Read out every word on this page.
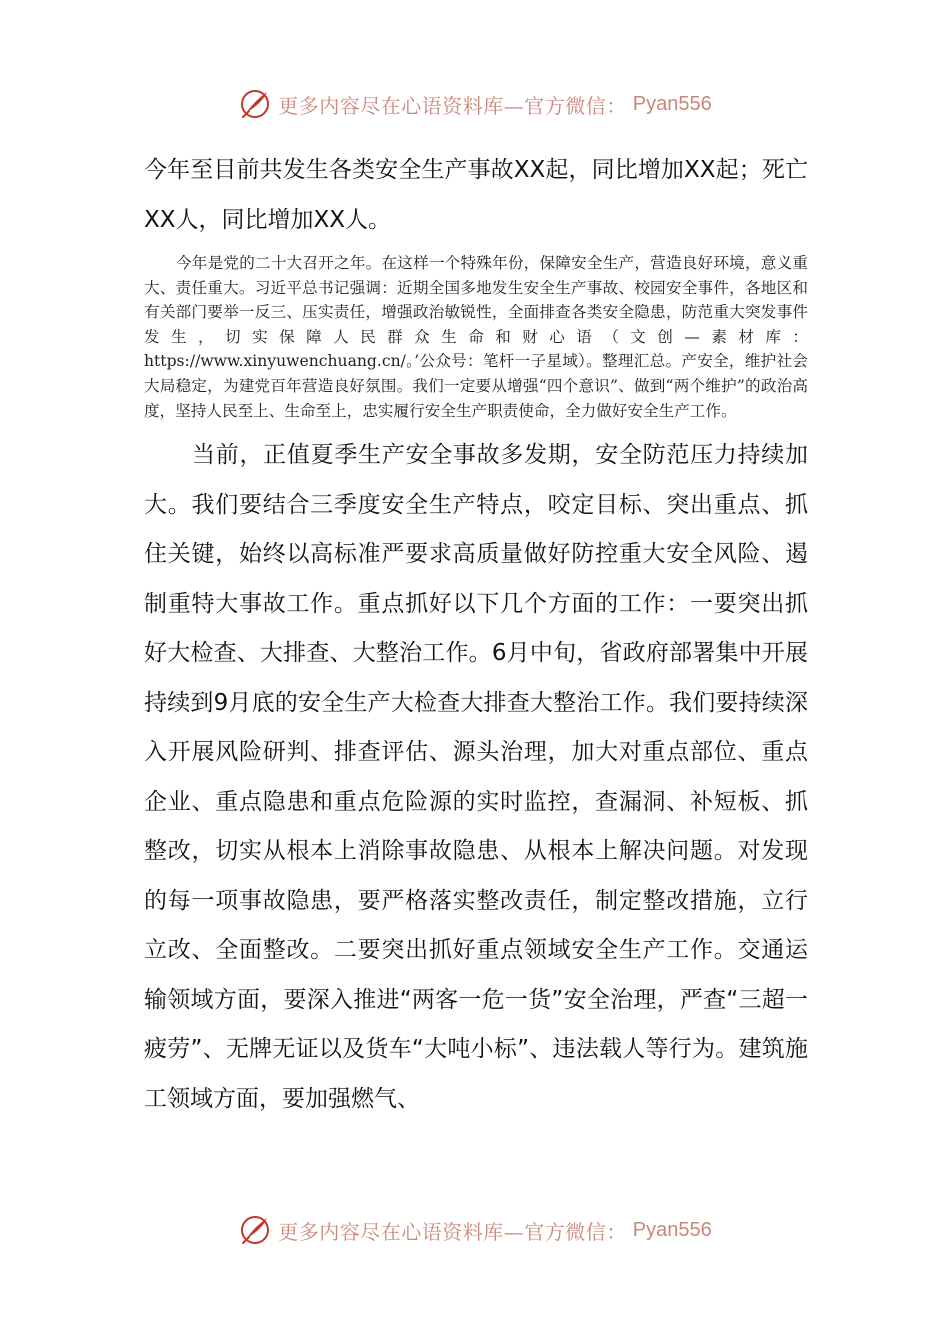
更多内容尽在心语资料库—官方微信： Pyan556

今年至目前共发生各类安全生产事故XX起，同比增加XX起；死亡XX人，同比增加XX人。

今年是党的二十大召开之年。在这样一个特殊年份，保障安全生产，营造良好环境，意义重大、责任重大。习近平总书记强调：近期全国多地发生安全生产事故、校园安全事件，各地区和有关部门要举一反三、压实责任，增强政治敏锐性，全面排查各类安全隐患，防范重大突发事件发生，切实保障人民群众生命和财心语（文创—素材库：https://www.xinyuwenchuang.cn/。’公众号：笔杆一子星域）。整理汇总。产安全，维护社会大局稳定，为建党百年营造良好氛围。我们一定要从增强“四个意识”、做到“两个维护”的政治高度，坚持人民至上、生命至上，忠实履行安全生产职责使命，全力做好安全生产工作。

当前，正值夏季生产安全事故多发期，安全防范压力持续加大。我们要结合三季度安全生产特点，咬定目标、突出重点、抓住关键，始终以高标准严要求高质量做好防控重大安全风险、遏制重特大事故工作。重点抓好以下几个方面的工作：一要突出抓好大检查、大排查、大整治工作。6月中旬，省政府部署集中开展持续到9月底的安全生产大检查大排查大整治工作。我们要持续深入开展风险研判、排查评估、源头治理，加大对重点部位、重点企业、重点隐患和重点危险源的实时监控，查漏洞、补短板、抓整改，切实从根本上消除事故隐患、从根本上解决问题。对发现的每一项事故隐患，要严格落实整改责任，制定整改措施，立行立改、全面整改。二要突出抓好重点领域安全生产工作。交通运输领域方面，要深入推进“两客一危一货”安全治理，严查“三超一疲劳”、无牌无证以及货车“大吨小标”、违法载人等行为。建筑施工领域方面，要加强燃气、

更多内容尽在心语资料库—官方微信： Pyan556
